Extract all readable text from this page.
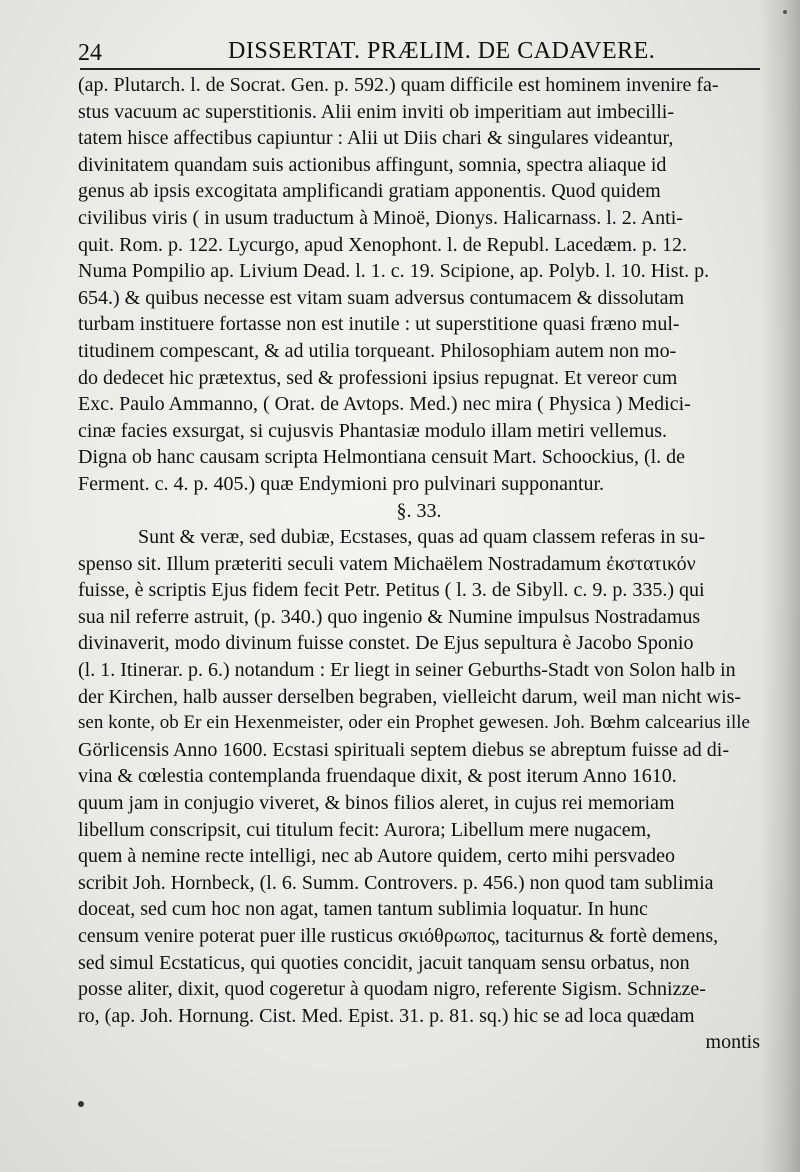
24	DISSERTAT. PRÆLIM. DE CADAVERE.
(ap. Plutarch. l. de Socrat. Gen. p. 592.) quam difficile est hominem invenire fa-
stus vacuum ac superstitionis. Alii enim inviti ob imperitiam aut imbecilli-
tatem hisce affectibus capiuntur : Alii ut Diis chari & singulares videantur,
divinitatem quandam suis actionibus affingunt, somnia, spectra aliaque id
genus ab ipsis excogitata amplificandi gratiam apponentis. Quod quidem
civilibus viris ( in usum traductum à Minoë, Dionys. Halicarnass. l. 2. Anti-
quit. Rom. p. 122. Lycurgo, apud Xenophont. l. de Republ. Lacedæm. p. 12.
Numa Pompilio ap. Livium Dead. l. 1. c. 19. Scipione, ap. Polyb. l. 10. Hist. p.
654.) & quibus necesse est vitam suam adversus contumacem & dissolutam
turbam instituere fortasse non est inutile : ut superstitione quasi fræno mul-
titudinem compescant, & ad utilia torqueant. Philosophiam autem non mo-
do dedecet hic prætextus, sed & professioni ipsius repugnat. Et vereor cum
Exc. Paulo Ammanno, ( Orat. de Avtops. Med.) nec mira ( Physica ) Medici-
cinæ facies exsurgat, si cujusvis Phantasiæ modulo illam metiri vellemus.
Digna ob hanc causam scripta Helmontiana censuit Mart. Schoockius, (l. de
Ferment. c. 4. p. 405.) quæ Endymioni pro pulvinari supponantur.
§. 33.
Sunt & veræ, sed dubiæ, Ecstases, quas ad quam classem referas in su-
spenso sit. Illum præteriti seculi vatem Michaëlem Nostradamum ἐκστατικόν
fuisse, è scriptis Ejus fidem fecit Petr. Petitus ( l. 3. de Sibyll. c. 9. p. 335.) qui
sua nil referre astruit, (p. 340.) quo ingenio & Numine impulsus Nostradamus
divinaverit, modo divinum fuisse constet. De Ejus sepultura è Jacobo Sponio
(l. 1. Itinerar. p. 6.) notandum : Er liegt in seiner Geburths-Stadt von Solon halb in
der Kirchen, halb ausser derselben begraben, vielleicht darum, weil man nicht wis-
sen konte, ob Er ein Hexenmeister, oder ein Prophet gewesen. Joh. Bœhm calcearius ille
Görlicensis Anno 1600. Ecstasi spirituali septem diebus se abreptum fuisse ad di-
vina & cœlestia contemplanda fruendaque dixit, & post iterum Anno 1610.
quum jam in conjugio viveret, & binos filios aleret, in cujus rei memoriam
libellum conscripsit, cui titulum fecit: Aurora; Libellum mere nugacem,
quem à nemine recte intelligi, nec ab Autore quidem, certo mihi persvadeo
scribit Joh. Hornbeck, (l. 6. Summ. Controvers. p. 456.) non quod tam sublimia
doceat, sed cum hoc non agat, tamen tantum sublimia loquatur. In hunc
censum venire poterat puer ille rusticus σκιόθρωπος, taciturnus & fortè demens,
sed simul Ecstaticus, qui quoties concidit, jacuit tanquam sensu orbatus, non
posse aliter, dixit, quod cogeretur à quodam nigro, referente Sigism. Schnizze-
ro, (ap. Joh. Hornung. Cist. Med. Epist. 31. p. 81. sq.) hic se ad loca quædam
montis
